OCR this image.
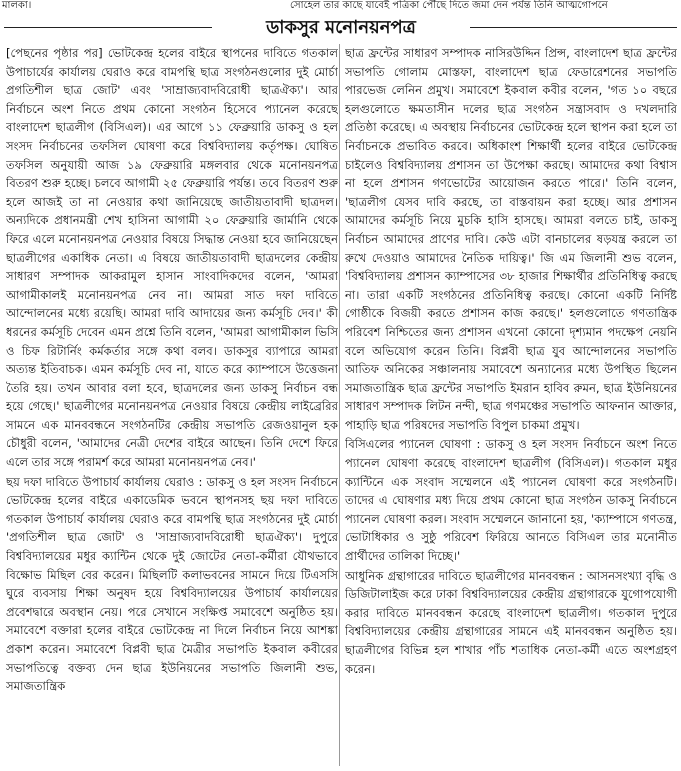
মালকা।	সোহেল তার কাছে যাবেই পত্রিকা পৌঁছে দিতে জমা দেন পর্যন্ত তিনি আত্মগোপনে
ডাকসুর মনোনয়নপত্র

[পেছনের পৃষ্ঠার পর] ভোটকেন্দ্র হলের বাইরে স্থাপনের দাবিতে গতকাল উপাচার্যের কার্যালয় ঘেরাও করে বামপন্থি ছাত্র সংগঠনগুলোর দুই মোর্চা প্রগতিশীল ছাত্র জোট' এবং 'সাম্রাজ্যবাদবিরোধী ছাত্রঐক্য'। আর নির্বাচনে অংশ নিতে প্রথম কোনো সংগঠন হিসেবে প্যানেল করেছে বাংলাদেশ ছাত্রলীগ (বিসিএল)। এর আগে ১১ ফেব্রুয়ারি ডাকসু ও হল সংসদ নির্বাচনের তফসিল ঘোষণা করে বিশ্ববিদ্যালয় কর্তৃপক্ষ। ঘোষিত তফসিল অনুযায়ী আজ ১৯ ফেব্রুয়ারি মঙ্গলবার থেকে মনোনয়নপত্র বিতরণ শুরু হচ্ছে। চলবে আগামী ২৫ ফেব্রুয়ারি পর্যন্ত। তবে বিতরণ শুরু হলে আজই তা না নেওয়ার কথা জানিয়েছে জাতীয়তাবাদী ছাত্রদল। অন্যদিকে প্রধানমন্ত্রী শেখ হাসিনা আগামী ২০ ফেব্রুয়ারি জার্মানি থেকে ফিরে এলে মনোনয়নপত্র নেওয়ার বিষয়ে সিদ্ধান্ত নেওয়া হবে জানিয়েছেন ছাত্রলীগের একাধিক নেতা। এ বিষয়ে জাতীয়তাবাদী ছাত্রদলের কেন্দ্রীয় সাধারণ সম্পাদক আকরামুল হাসান সাংবাদিকদের বলেন, 'আমরা আগামীকালই মনোনয়নপত্র নেব না। আমরা সাত দফা দাবিতে আন্দোলনের মধ্যে রয়েছি। আমরা দাবি আদায়ের জন্য কর্মসূচি দেব।' কী ধরনের কর্মসূচি দেবেন এমন প্রশ্নে তিনি বলেন, 'আমরা আগামীকাল ভিসি ও চিফ রিটার্নিং কর্মকর্তার সঙ্গে কথা বলব। ডাকসুর ব্যাপারে আমরা অত্যন্ত ইতিবাচক। এমন কর্মসূচি দেব না, যাতে করে ক্যাম্পাসে উত্তেজনা তৈরি হয়। তখন আবার বলা হবে, ছাত্রদলের জন্য ডাকসু নির্বাচন বন্ধ হয়ে গেছে।' ছাত্রলীগের মনোনয়নপত্র নেওয়ার বিষয়ে কেন্দ্রীয় লাইব্রেরির সামনে এক মানববন্ধনে সংগঠনটির কেন্দ্রীয় সভাপতি রেজওয়ানুল হক চৌধুরী বলেন, 'আমাদের নেত্রী দেশের বাইরে আছেন। তিনি দেশে ফিরে এলে তার সঙ্গে পরামর্শ করে আমরা মনোনয়নপত্র নেব।'

ছয় দফা দাবিতে উপাচার্য কার্যালয় ঘেরাও : ডাকসু ও হল সংসদ নির্বাচনে ভোটকেন্দ্র হলের বাইরে একাডেমিক ভবনে স্থাপনসহ ছয় দফা দাবিতে গতকাল উপাচার্য কার্যালয় ঘেরাও করে বামপন্থি ছাত্র সংগঠনের দুই মোর্চা 'প্রগতিশীল ছাত্র জোট' ও 'সাম্রাজ্যবাদবিরোধী ছাত্রঐক্য'। দুপুরে বিশ্ববিদ্যালয়ের মধুর ক্যান্টিন থেকে দুই জোটের নেতা-কর্মীরা যৌথভাবে বিক্ষোভ মিছিল বের করেন। মিছিলটি কলাভবনের সামনে দিয়ে টিএসসি ঘুরে ব্যবসায় শিক্ষা অনুষদ হয়ে বিশ্ববিদ্যালয়ের উপাচার্য কার্যালয়ের প্রবেশদ্বারে অবস্থান নেয়। পরে সেখানে সংক্ষিপ্ত সমাবেশে অনুষ্ঠিত হয়। সমাবেশে বক্তারা হলের বাইরে ভোটকেন্দ্র না দিলে নির্বাচন নিয়ে আশঙ্কা প্রকাশ করেন। সমাবেশে বিপ্লবী ছাত্র মৈত্রীর সভাপতি ইকবাল কবীরের সভাপতিত্বে বক্তব্য দেন ছাত্র ইউনিয়নের সভাপতি জিলানী শুভ, সমাজতান্ত্রিক

ছাত্র ফ্রন্টের সাধারণ সম্পাদক নাসিরউদ্দিন প্রিন্স, বাংলাদেশ ছাত্র ফ্রন্টের সভাপতি গোলাম মোস্তফা, বাংলাদেশ ছাত্র ফেডারেশনের সভাপতি পারভেজ লেনিন প্রমুখ। সমাবেশে ইকবাল কবীর বলেন, 'গত ১০ বছরে হলগুলোতে ক্ষমতাসীন দলের ছাত্র সংগঠন সন্ত্রাসবাদ ও দখলদারি প্রতিষ্ঠা করেছে। এ অবস্থায় নির্বাচনের ভোটকেন্দ্র হলে স্থাপন করা হলে তা নির্বাচনকে প্রভাবিত করবে। অধিকাংশ শিক্ষার্থী হলের বাইরে ভোটকেন্দ্র চাইলেও বিশ্ববিদ্যালয় প্রশাসন তা উপেক্ষা করছে। আমাদের কথা বিশ্বাস না হলে প্রশাসন গণভোটের আয়োজন করতে পারে।' তিনি বলেন, 'ছাত্রলীগ যেসব দাবি করছে, তা বাস্তবায়ন করা হচ্ছে। আর প্রশাসন আমাদের কর্মসূচি নিয়ে মুচকি হাসি হাসছে। আমরা বলতে চাই, ডাকসু নির্বাচন আমাদের প্রাণের দাবি। কেউ এটা বানচালের ষড়যন্ত্র করলে তা রুখে দেওয়াও আমাদের নৈতিক দায়িত্ব।' জি এম জিলানী শুভ বলেন, 'বিশ্ববিদ্যালয় প্রশাসন ক্যাম্পাসের ৩৮ হাজার শিক্ষার্থীর প্রতিনিধিত্ব করছে না। তারা একটি সংগঠনের প্রতিনিধিত্ব করছে। কোনো একটি নির্দিষ্ট গোষ্ঠীকে বিজয়ী করতে প্রশাসন কাজ করছে।' হলগুলোতে গণতান্ত্রিক পরিবেশ নিশ্চিতের জন্য প্রশাসন এখনো কোনো দৃশ্যমান পদক্ষেপ নেয়নি বলে অভিযোগ করেন তিনি। বিপ্লবী ছাত্র যুব আন্দোলনের সভাপতি আতিফ অনিকের সঞ্চালনায় সমাবেশে অন্যান্যের মধ্যে উপস্থিত ছিলেন সমাজতান্ত্রিক ছাত্র ফ্রন্টের সভাপতি ইমরান হাবিব রুমন, ছাত্র ইউনিয়নের সাধারণ সম্পাদক লিটন নন্দী, ছাত্র গণমঞ্চের সভাপতি আফনান আক্তার, পাহাড়ি ছাত্র পরিষদের সভাপতি বিপুল চাকমা প্রমুখ।

বিসিএলের প্যানেল ঘোষণা : ডাকসু ও হল সংসদ নির্বাচনে অংশ নিতে প্যানেল ঘোষণা করেছে বাংলাদেশ ছাত্রলীগ (বিসিএল)। গতকাল মধুর ক্যান্টিনে এক সংবাদ সম্মেলনে এই প্যানেল ঘোষণা করে সংগঠনটি। তাদের এ ঘোষণার মধ্য দিয়ে প্রথম কোনো ছাত্র সংগঠন ডাকসু নির্বাচনে প্যানেল ঘোষণা করল। সংবাদ সম্মেলনে জানানো হয়, 'ক্যাম্পাসে গণতন্ত্র, ভোটাধিকার ও সুষ্ঠু পরিবেশ ফিরিয়ে আনতে বিসিএল তার মনোনীত প্রার্থীদের তালিকা দিচ্ছে।'

আধুনিক গ্রন্থাগারের দাবিতে ছাত্রলীগের মানববন্ধন : আসনসংখ্যা বৃদ্ধি ও ডিজিটালাইজ করে ঢাকা বিশ্ববিদ্যালয়ের কেন্দ্রীয় গ্রন্থাগারকে যুগোপযোগী করার দাবিতে মানববন্ধন করেছে বাংলাদেশ ছাত্রলীগ। গতকাল দুপুরে বিশ্ববিদ্যালয়ের কেন্দ্রীয় গ্রন্থাগারের সামনে এই মানববন্ধন অনুষ্ঠিত হয়। ছাত্রলীগের বিভিন্ন হল শাখার পাঁচ শতাধিক নেতা-কর্মী এতে অংশগ্রহণ করেন।
